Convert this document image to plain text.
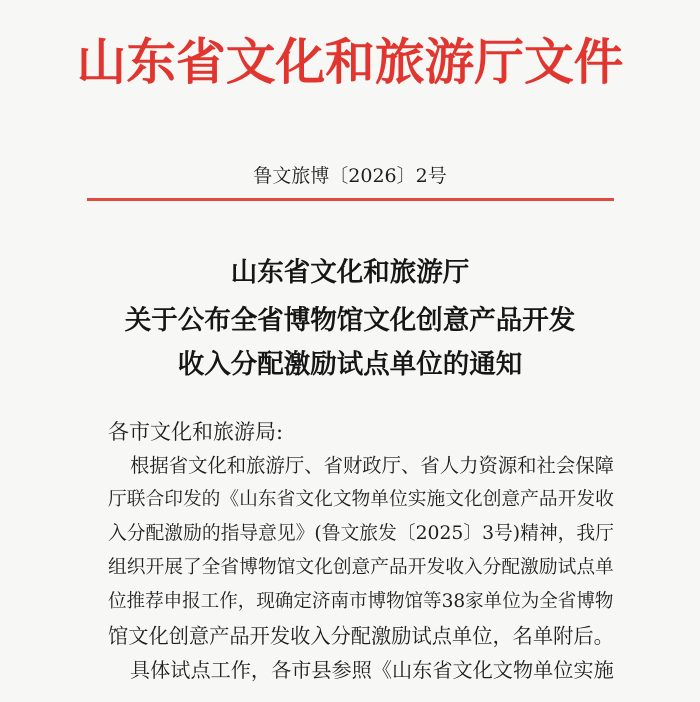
山东省文化和旅游厅文件
鲁文旅博〔2026〕2号
山东省文化和旅游厅
关于公布全省博物馆文化创意产品开发
收入分配激励试点单位的通知
各市文化和旅游局:
根据省文化和旅游厅、省财政厅、省人力资源和社会保障
厅联合印发的《山东省文化文物单位实施文化创意产品开发收
入分配激励的指导意见》(鲁文旅发〔2025〕3号)精神，我厅
组织开展了全省博物馆文化创意产品开发收入分配激励试点单
位推荐申报工作，现确定济南市博物馆等38家单位为全省博物
馆文化创意产品开发收入分配激励试点单位，名单附后。
具体试点工作，各市县参照《山东省文化文物单位实施
